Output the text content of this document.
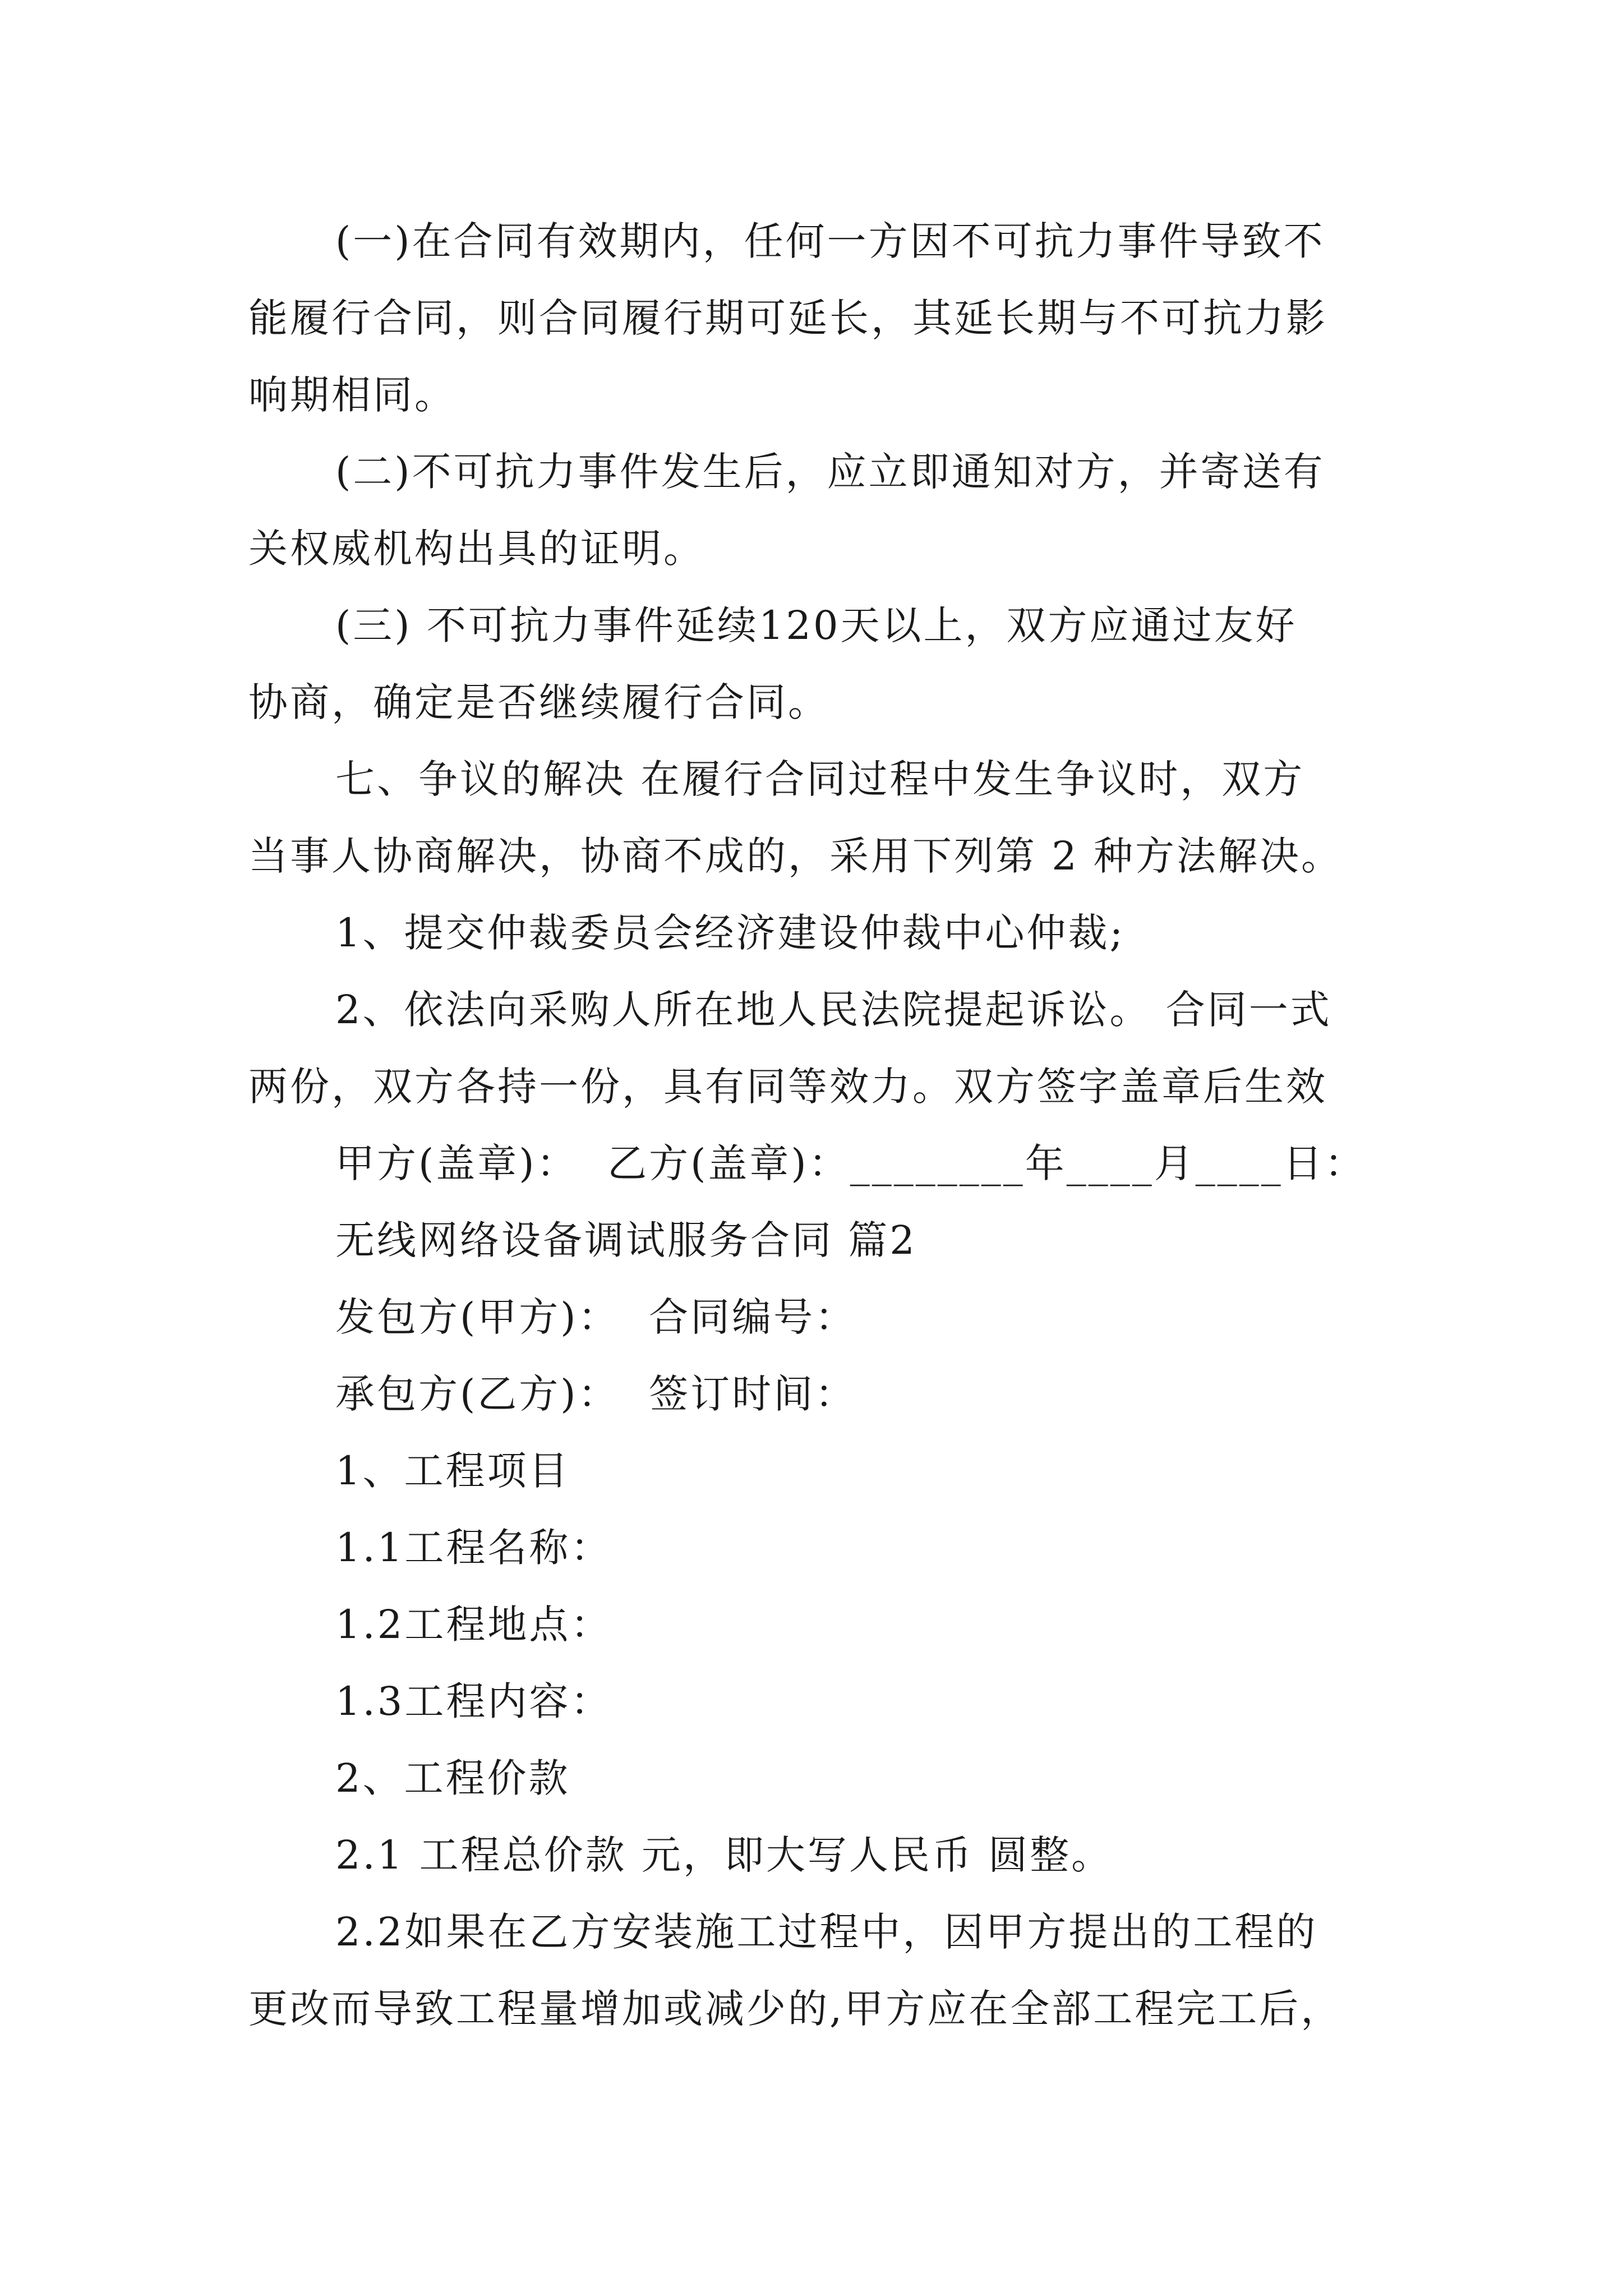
(一)在合同有效期内，任何一方因不可抗力事件导致不
能履行合同，则合同履行期可延长，其延长期与不可抗力影
响期相同。
(二)不可抗力事件发生后，应立即通知对方，并寄送有
关权威机构出具的证明。
(三) 不可抗力事件延续120天以上，双方应通过友好
协商，确定是否继续履行合同。
七、争议的解决 在履行合同过程中发生争议时，双方
当事人协商解决，协商不成的，采用下列第 2 种方法解决。
1、提交仲裁委员会经济建设仲裁中心仲裁;
2、依法向采购人所在地人民法院提起诉讼。 合同一式
两份，双方各持一份，具有同等效力。双方签字盖章后生效
甲方(盖章)：  乙方(盖章)：________年____月____日：
无线网络设备调试服务合同 篇2
发包方(甲方)：  合同编号：
承包方(乙方)：  签订时间：
1、工程项目
1.1工程名称：
1.2工程地点：
1.3工程内容：
2、工程价款
2.1 工程总价款 元，即大写人民币 圆整。
2.2如果在乙方安装施工过程中，因甲方提出的工程的
更改而导致工程量增加或减少的,甲方应在全部工程完工后，
